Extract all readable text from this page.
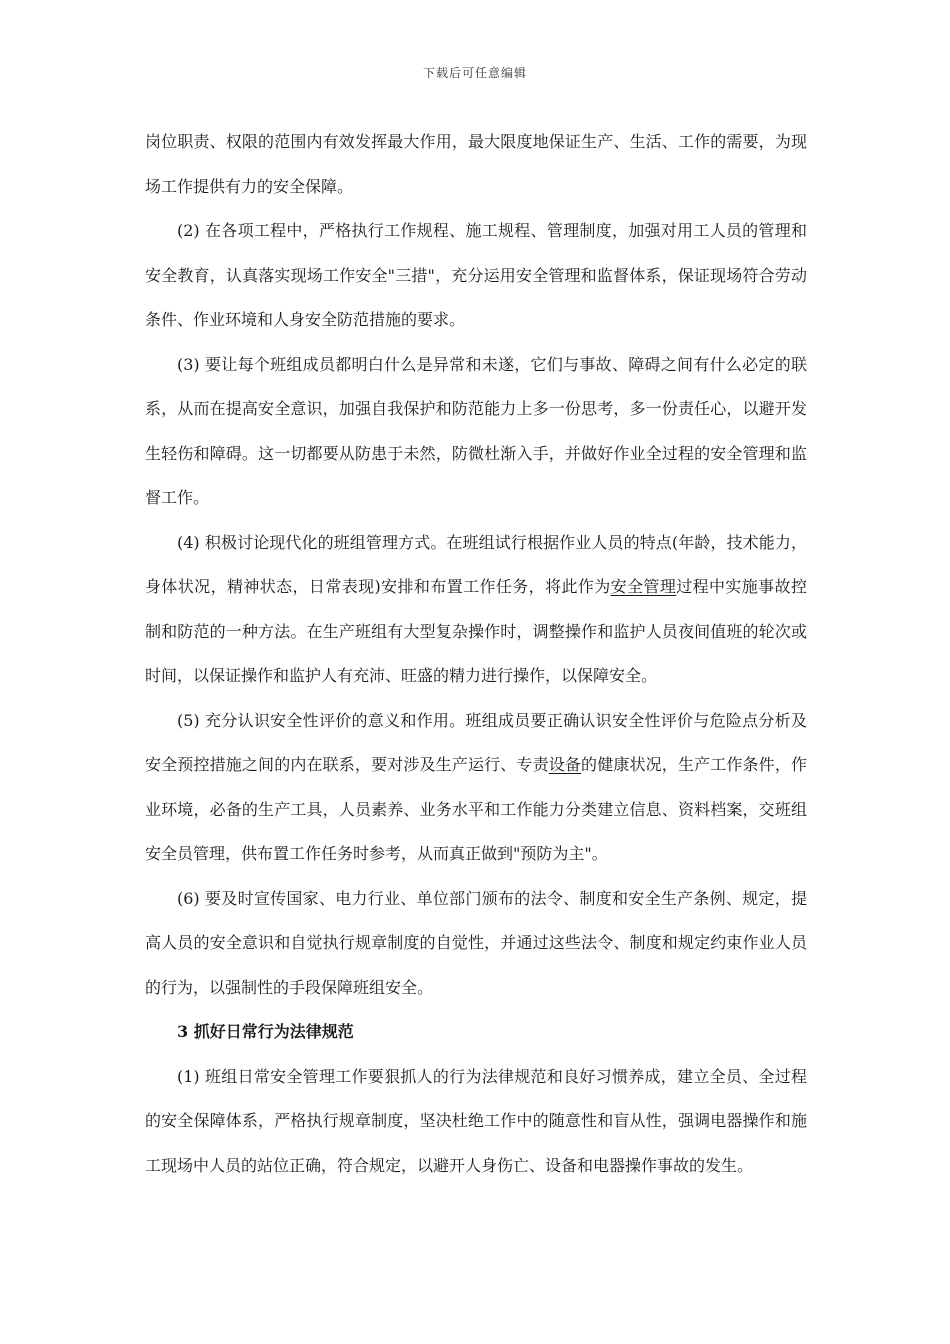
下载后可任意编辑

岗位职责、权限的范围内有效发挥最大作用，最大限度地保证生产、生活、工作的需要，为现场工作提供有力的安全保障。

(2) 在各项工程中，严格执行工作规程、施工规程、管理制度，加强对用工人员的管理和安全教育，认真落实现场工作安全"三措"，充分运用安全管理和监督体系，保证现场符合劳动条件、作业环境和人身安全防范措施的要求。

(3) 要让每个班组成员都明白什么是异常和未遂，它们与事故、障碍之间有什么必定的联系，从而在提高安全意识，加强自我保护和防范能力上多一份思考，多一份责任心，以避开发生轻伤和障碍。这一切都要从防患于未然，防微杜渐入手，并做好作业全过程的安全管理和监督工作。

(4) 积极讨论现代化的班组管理方式。在班组试行根据作业人员的特点(年龄，技术能力，身体状况，精神状态，日常表现)安排和布置工作任务，将此作为安全管理过程中实施事故控制和防范的一种方法。在生产班组有大型复杂操作时，调整操作和监护人员夜间值班的轮次或时间，以保证操作和监护人有充沛、旺盛的精力进行操作，以保障安全。

(5) 充分认识安全性评价的意义和作用。班组成员要正确认识安全性评价与危险点分析及安全预控措施之间的内在联系，要对涉及生产运行、专责设备的健康状况，生产工作条件，作业环境，必备的生产工具，人员素养、业务水平和工作能力分类建立信息、资料档案，交班组安全员管理，供布置工作任务时参考，从而真正做到"预防为主"。

(6) 要及时宣传国家、电力行业、单位部门颁布的法令、制度和安全生产条例、规定，提高人员的安全意识和自觉执行规章制度的自觉性，并通过这些法令、制度和规定约束作业人员的行为，以强制性的手段保障班组安全。

3 抓好日常行为法律规范

(1) 班组日常安全管理工作要狠抓人的行为法律规范和良好习惯养成，建立全员、全过程的安全保障体系，严格执行规章制度，坚决杜绝工作中的随意性和盲从性，强调电器操作和施工现场中人员的站位正确，符合规定，以避开人身伤亡、设备和电器操作事故的发生。
